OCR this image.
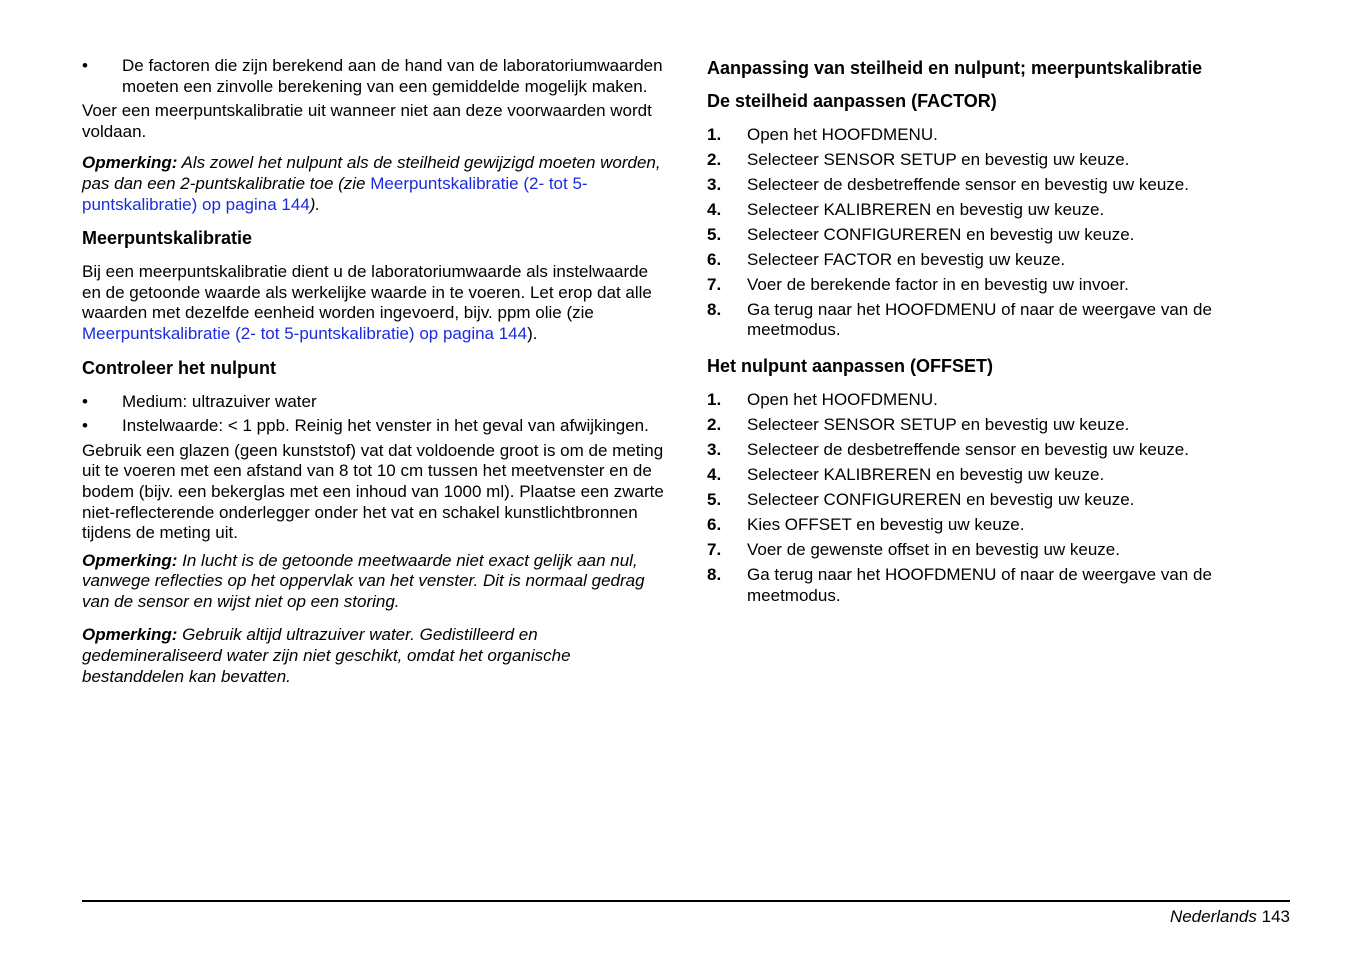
•	De factoren die zijn berekend aan de hand van de laboratoriumwaarden moeten een zinvolle berekening van een gemiddelde mogelijk maken.

Voer een meerpuntskalibratie uit wanneer niet aan deze voorwaarden wordt voldaan.

Opmerking: Als zowel het nulpunt als de steilheid gewijzigd moeten worden, pas dan een 2-puntskalibratie toe (zie Meerpuntskalibratie (2- tot 5-puntskalibratie) op pagina 144).

Meerpuntskalibratie

Bij een meerpuntskalibratie dient u de laboratoriumwaarde als instelwaarde en de getoonde waarde als werkelijke waarde in te voeren. Let erop dat alle waarden met dezelfde eenheid worden ingevoerd, bijv. ppm olie (zie Meerpuntskalibratie (2- tot 5-puntskalibratie) op pagina 144).

Controleer het nulpunt
•	Medium: ultrazuiver water
•	Instelwaarde: < 1 ppb. Reinig het venster in het geval van afwijkingen.

Gebruik een glazen (geen kunststof) vat dat voldoende groot is om de meting uit te voeren met een afstand van 8 tot 10 cm tussen het meetvenster en de bodem (bijv. een bekerglas met een inhoud van 1000 ml). Plaatse een zwarte niet-reflecterende onderlegger onder het vat en schakel kunstlichtbronnen tijdens de meting uit.

Opmerking: In lucht is de getoonde meetwaarde niet exact gelijk aan nul, vanwege reflecties op het oppervlak van het venster. Dit is normaal gedrag van de sensor en wijst niet op een storing.

Opmerking: Gebruik altijd ultrazuiver water. Gedistilleerd en gedemineraliseerd water zijn niet geschikt, omdat het organische bestanddelen kan bevatten.

Aanpassing van steilheid en nulpunt; meerpuntskalibratie
De steilheid aanpassen (FACTOR)
1.	Open het HOOFDMENU.
2.	Selecteer SENSOR SETUP en bevestig uw keuze.
3.	Selecteer de desbetreffende sensor en bevestig uw keuze.
4.	Selecteer KALIBREREN en bevestig uw keuze.
5.	Selecteer CONFIGUREREN en bevestig uw keuze.
6.	Selecteer FACTOR en bevestig uw keuze.
7.	Voer de berekende factor in en bevestig uw invoer.
8.	Ga terug naar het HOOFDMENU of naar de weergave van de meetmodus.
Het nulpunt aanpassen (OFFSET)
1.	Open het HOOFDMENU.
2.	Selecteer SENSOR SETUP en bevestig uw keuze.
3.	Selecteer de desbetreffende sensor en bevestig uw keuze.
4.	Selecteer KALIBREREN en bevestig uw keuze.
5.	Selecteer CONFIGUREREN en bevestig uw keuze.
6.	Kies OFFSET en bevestig uw keuze.
7.	Voer de gewenste offset in en bevestig uw keuze.
8.	Ga terug naar het HOOFDMENU of naar de weergave van de meetmodus.
Nederlands 143
